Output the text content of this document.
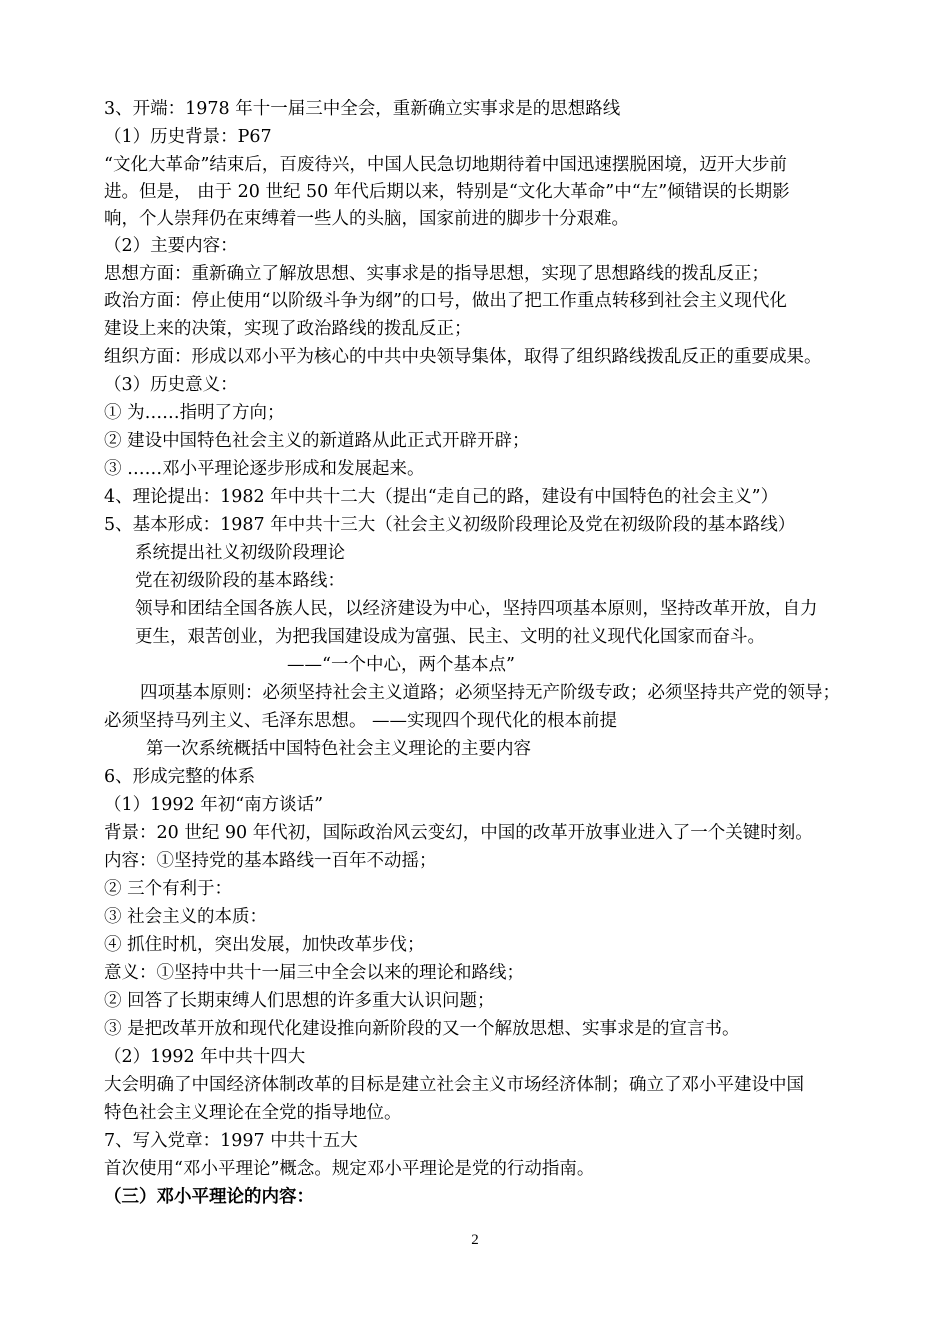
3、开端：1978 年十一届三中全会，重新确立实事求是的思想路线
（1）历史背景：P67
“文化大革命”结束后，百废待兴，中国人民急切地期待着中国迅速摆脱困境，迈开大步前
进。但是， 由于 20 世纪 50 年代后期以来，特别是“文化大革命”中“左”倾错误的长期影
响，个人崇拜仍在束缚着一些人的头脑，国家前进的脚步十分艰难。
（2）主要内容：
思想方面：重新确立了解放思想、实事求是的指导思想，实现了思想路线的拨乱反正；
政治方面：停止使用“以阶级斗争为纲”的口号，做出了把工作重点转移到社会主义现代化
建设上来的决策，实现了政治路线的拨乱反正；
组织方面：形成以邓小平为核心的中共中央领导集体，取得了组织路线拨乱反正的重要成果。
（3）历史意义：
① 为……指明了方向；
② 建设中国特色社会主义的新道路从此正式开辟开辟；
③ ……邓小平理论逐步形成和发展起来。
4、理论提出：1982 年中共十二大（提出“走自己的路，建设有中国特色的社会主义”）
5、基本形成：1987 年中共十三大（社会主义初级阶段理论及党在初级阶段的基本路线）
系统提出社义初级阶段理论
党在初级阶段的基本路线：
领导和团结全国各族人民，以经济建设为中心，坚持四项基本原则，坚持改革开放，自力
更生，艰苦创业，为把我国建设成为富强、民主、文明的社义现代化国家而奋斗。
——“一个中心，两个基本点”
四项基本原则：必须坚持社会主义道路；必须坚持无产阶级专政；必须坚持共产党的领导；
必须坚持马列主义、毛泽东思想。 ——实现四个现代化的根本前提
第一次系统概括中国特色社会主义理论的主要内容
6、形成完整的体系
（1）1992 年初“南方谈话”
背景：20 世纪 90 年代初，国际政治风云变幻，中国的改革开放事业进入了一个关键时刻。
内容：①坚持党的基本路线一百年不动摇；
② 三个有利于：
③ 社会主义的本质：
④ 抓住时机，突出发展，加快改革步伐；
意义：①坚持中共十一届三中全会以来的理论和路线；
② 回答了长期束缚人们思想的许多重大认识问题；
③ 是把改革开放和现代化建设推向新阶段的又一个解放思想、实事求是的宣言书。
（2）1992 年中共十四大
大会明确了中国经济体制改革的目标是建立社会主义市场经济体制；确立了邓小平建设中国
特色社会主义理论在全党的指导地位。
7、写入党章：1997 中共十五大
首次使用“邓小平理论”概念。规定邓小平理论是党的行动指南。
（三）邓小平理论的内容：
2
